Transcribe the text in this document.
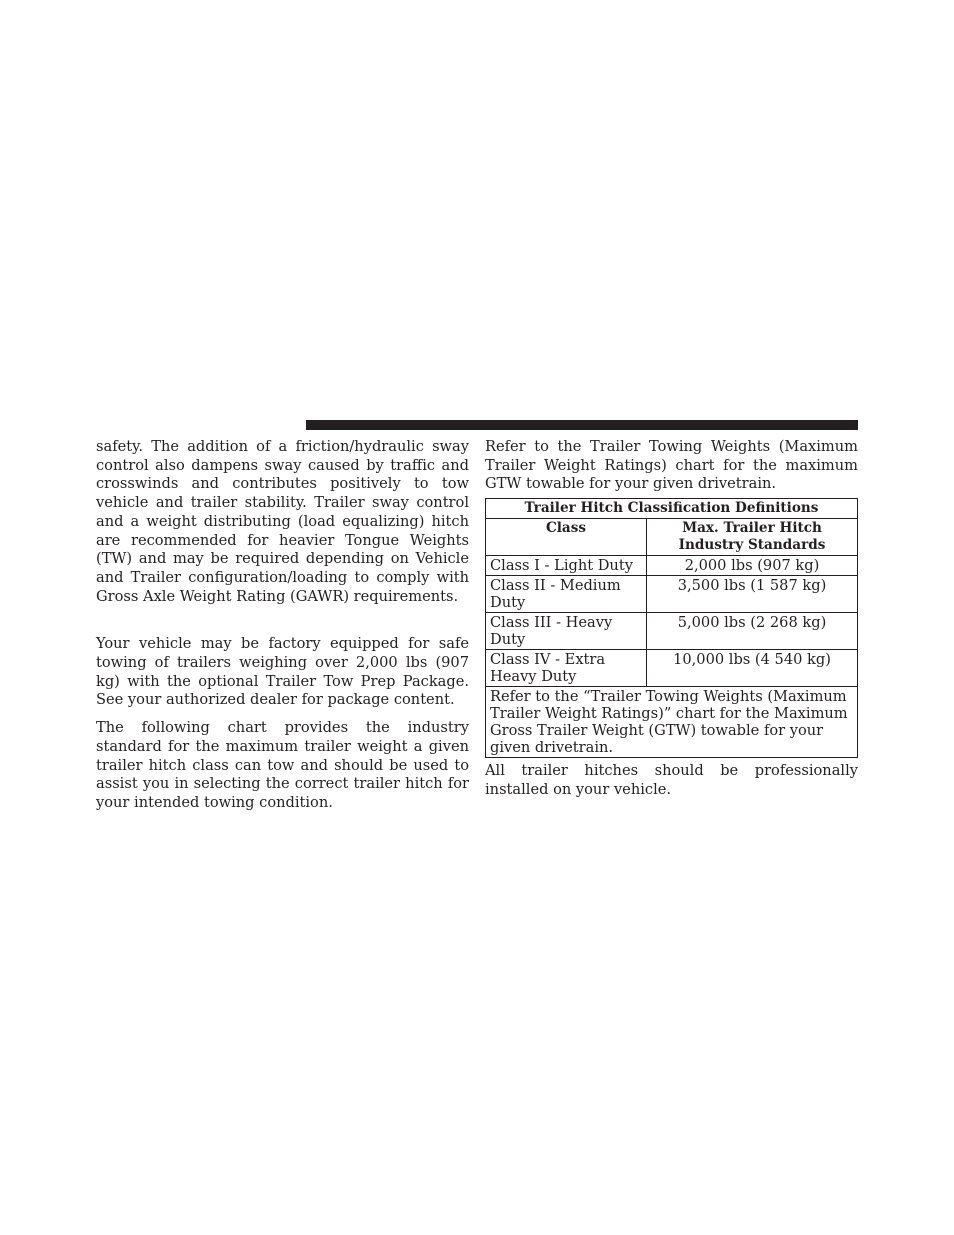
safety. The addition of a friction/hydraulic sway control also dampens sway caused by traffic and crosswinds and contributes positively to tow vehicle and trailer stability. Trailer sway control and a weight distributing (load equalizing) hitch are recommended for heavier Tongue Weights (TW) and may be required depending on Vehicle and Trailer configuration/loading to comply with Gross Axle Weight Rating (GAWR) requirements.

Your vehicle may be factory equipped for safe towing of trailers weighing over 2,000 lbs (907 kg) with the optional Trailer Tow Prep Package. See your authorized dealer for package content.

The following chart provides the industry standard for the maximum trailer weight a given trailer hitch class can tow and should be used to assist you in selecting the correct trailer hitch for your intended towing condition.

Refer to the Trailer Towing Weights (Maximum Trailer Weight Ratings) chart for the maximum GTW towable for your given drivetrain.

Trailer Hitch Classification Definitions	
Class	Max. Trailer Hitch Industry Standards
Class I - Light Duty	2,000 lbs (907 kg)
Class II - Medium Duty	3,500 lbs (1 587 kg)
Class III - Heavy Duty	5,000 lbs (2 268 kg)
Class IV - Extra Heavy Duty	10,000 lbs (4 540 kg)
Refer to the “Trailer Towing Weights (Maximum Trailer Weight Ratings)” chart for the Maximum Gross Trailer Weight (GTW) towable for your given drivetrain.	

All trailer hitches should be professionally installed on your vehicle.
